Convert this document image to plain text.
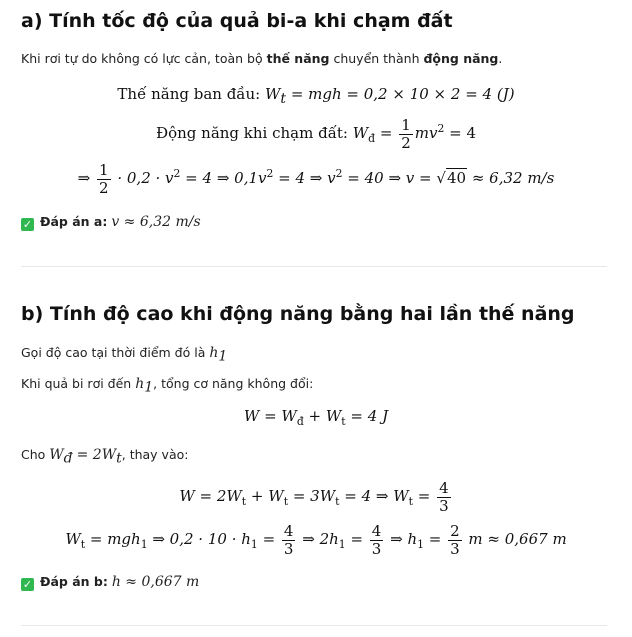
a) Tính tốc độ của quả bi-a khi chạm đất

Khi rơi tự do không có lực cản, toàn bộ thế năng chuyển thành động năng.

Thế năng ban đầu: $W_t$ = mgh = 0,2 × 10 × 2 = 4 (J)
Động năng khi chạm đất: $W_đ = \frac{1}{2} mv^2 = 4$
⇒ $\frac{1}{2} \cdot 0,2 \cdot v^2 = 4$ ⇒ $0,1v^2 = 4$ ⇒ $v^2 = 40$ ⇒ v = √40 ≈ 6,32 m/s

✓ Đáp án a: v ≈ 6,32 m/s

b) Tính độ cao khi động năng bằng hai lần thế năng

Gọi độ cao tại thời điểm đó là $h_1$

Khi quả bi rơi đến $h_1$, tổng cơ năng không đổi:

$W = W_đ + W_t = 4$ J

Cho $W_đ = 2W_t$, thay vào:

$W = 2W_t + W_t = 3W_t = 4$ ⇒ $W_t = \frac{4}{3}$
$W_t = mgh_1$ ⇒ $0,2 \cdot 10 \cdot h_1 = \frac{4}{3}$ ⇒ $2h_1 = \frac{4}{3}$ ⇒ $h_1 = \frac{2}{3}$ m ≈ 0,667 m

✓ Đáp án b: h ≈ 0,667 m
